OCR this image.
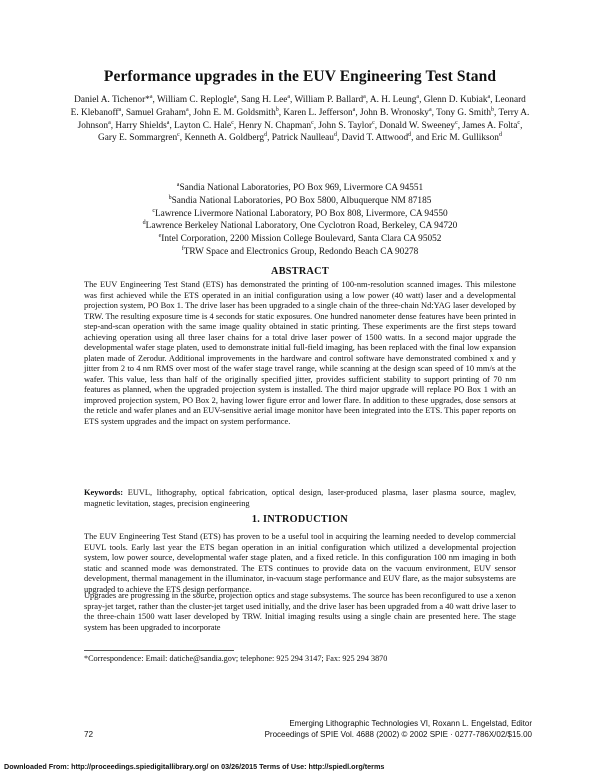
Performance upgrades in the EUV Engineering Test Stand
Daniel A. Tichenor*$^a$, William C. Replogle$^a$, Sang H. Lee$^a$, William P. Ballard$^a$, A. H. Leung$^a$, Glenn D. Kubiak$^a$, Leonard E. Klebanoff$^a$, Samuel Graham$^a$, John E. M. Goldsmith$^b$, Karen L. Jefferson$^a$, John B. Wronosky$^a$, Tony G. Smith$^b$, Terry A. Johnson$^a$, Harry Shields$^a$, Layton C. Hale$^c$, Henry N. Chapman$^c$, John S. Taylor$^c$, Donald W. Sweeney$^c$, James A. Folta$^c$, Gary E. Sommargren$^c$, Kenneth A. Goldberg$^d$, Patrick Naulleau$^d$, David T. Attwood$^d$, and Eric M. Gullikson$^d$
$^a$Sandia National Laboratories, PO Box 969, Livermore CA 94551
$^b$Sandia National Laboratories, PO Box 5800, Albuquerque NM 87185
$^c$Lawrence Livermore National Laboratory, PO Box 808, Livermore, CA 94550
$^d$Lawrence Berkeley National Laboratory, One Cyclotron Road, Berkeley, CA 94720
$^e$Intel Corporation, 2200 Mission College Boulevard, Santa Clara CA 95052
$^f$TRW Space and Electronics Group, Redondo Beach CA 90278
ABSTRACT
The EUV Engineering Test Stand (ETS) has demonstrated the printing of 100-nm-resolution scanned images. This milestone was first achieved while the ETS operated in an initial configuration using a low power (40 watt) laser and a developmental projection system, PO Box 1. The drive laser has been upgraded to a single chain of the three-chain Nd:YAG laser developed by TRW. The resulting exposure time is 4 seconds for static exposures. One hundred nanometer dense features have been printed in step-and-scan operation with the same image quality obtained in static printing. These experiments are the first steps toward achieving operation using all three laser chains for a total drive laser power of 1500 watts. In a second major upgrade the developmental wafer stage platen, used to demonstrate initial full-field imaging, has been replaced with the final low expansion platen made of Zerodur. Additional improvements in the hardware and control software have demonstrated combined x and y jitter from 2 to 4 nm RMS over most of the wafer stage travel range, while scanning at the design scan speed of 10 mm/s at the wafer. This value, less than half of the originally specified jitter, provides sufficient stability to support printing of 70 nm features as planned, when the upgraded projection system is installed. The third major upgrade will replace PO Box 1 with an improved projection system, PO Box 2, having lower figure error and lower flare. In addition to these upgrades, dose sensors at the reticle and wafer planes and an EUV-sensitive aerial image monitor have been integrated into the ETS. This paper reports on ETS system upgrades and the impact on system performance.
Keywords: EUVL, lithography, optical fabrication, optical design, laser-produced plasma, laser plasma source, maglev, magnetic levitation, stages, precision engineering
1. INTRODUCTION
The EUV Engineering Test Stand (ETS) has proven to be a useful tool in acquiring the learning needed to develop commercial EUVL tools. Early last year the ETS began operation in an initial configuration which utilized a developmental projection system, low power source, developmental wafer stage platen, and a fixed reticle. In this configuration 100 nm imaging in both static and scanned mode was demonstrated. The ETS continues to provide data on the vacuum environment, EUV sensor development, thermal management in the illuminator, in-vacuum stage performance and EUV flare, as the major subsystems are upgraded to achieve the ETS design performance.
Upgrades are progressing in the source, projection optics and stage subsystems. The source has been reconfigured to use a xenon spray-jet target, rather than the cluster-jet target used initially, and the drive laser has been upgraded from a 40 watt drive laser to the three-chain 1500 watt laser developed by TRW. Initial imaging results using a single chain are presented here. The stage system has been upgraded to incorporate
*Correspondence: Email: datiche@sandia.gov; telephone: 925 294 3147; Fax: 925 294 3870
72
Emerging Lithographic Technologies VI, Roxann L. Engelstad, Editor
Proceedings of SPIE Vol. 4688 (2002) © 2002 SPIE · 0277-786X/02/$15.00
Downloaded From: http://proceedings.spiedigitallibrary.org/ on 03/26/2015 Terms of Use: http://spiedl.org/terms
